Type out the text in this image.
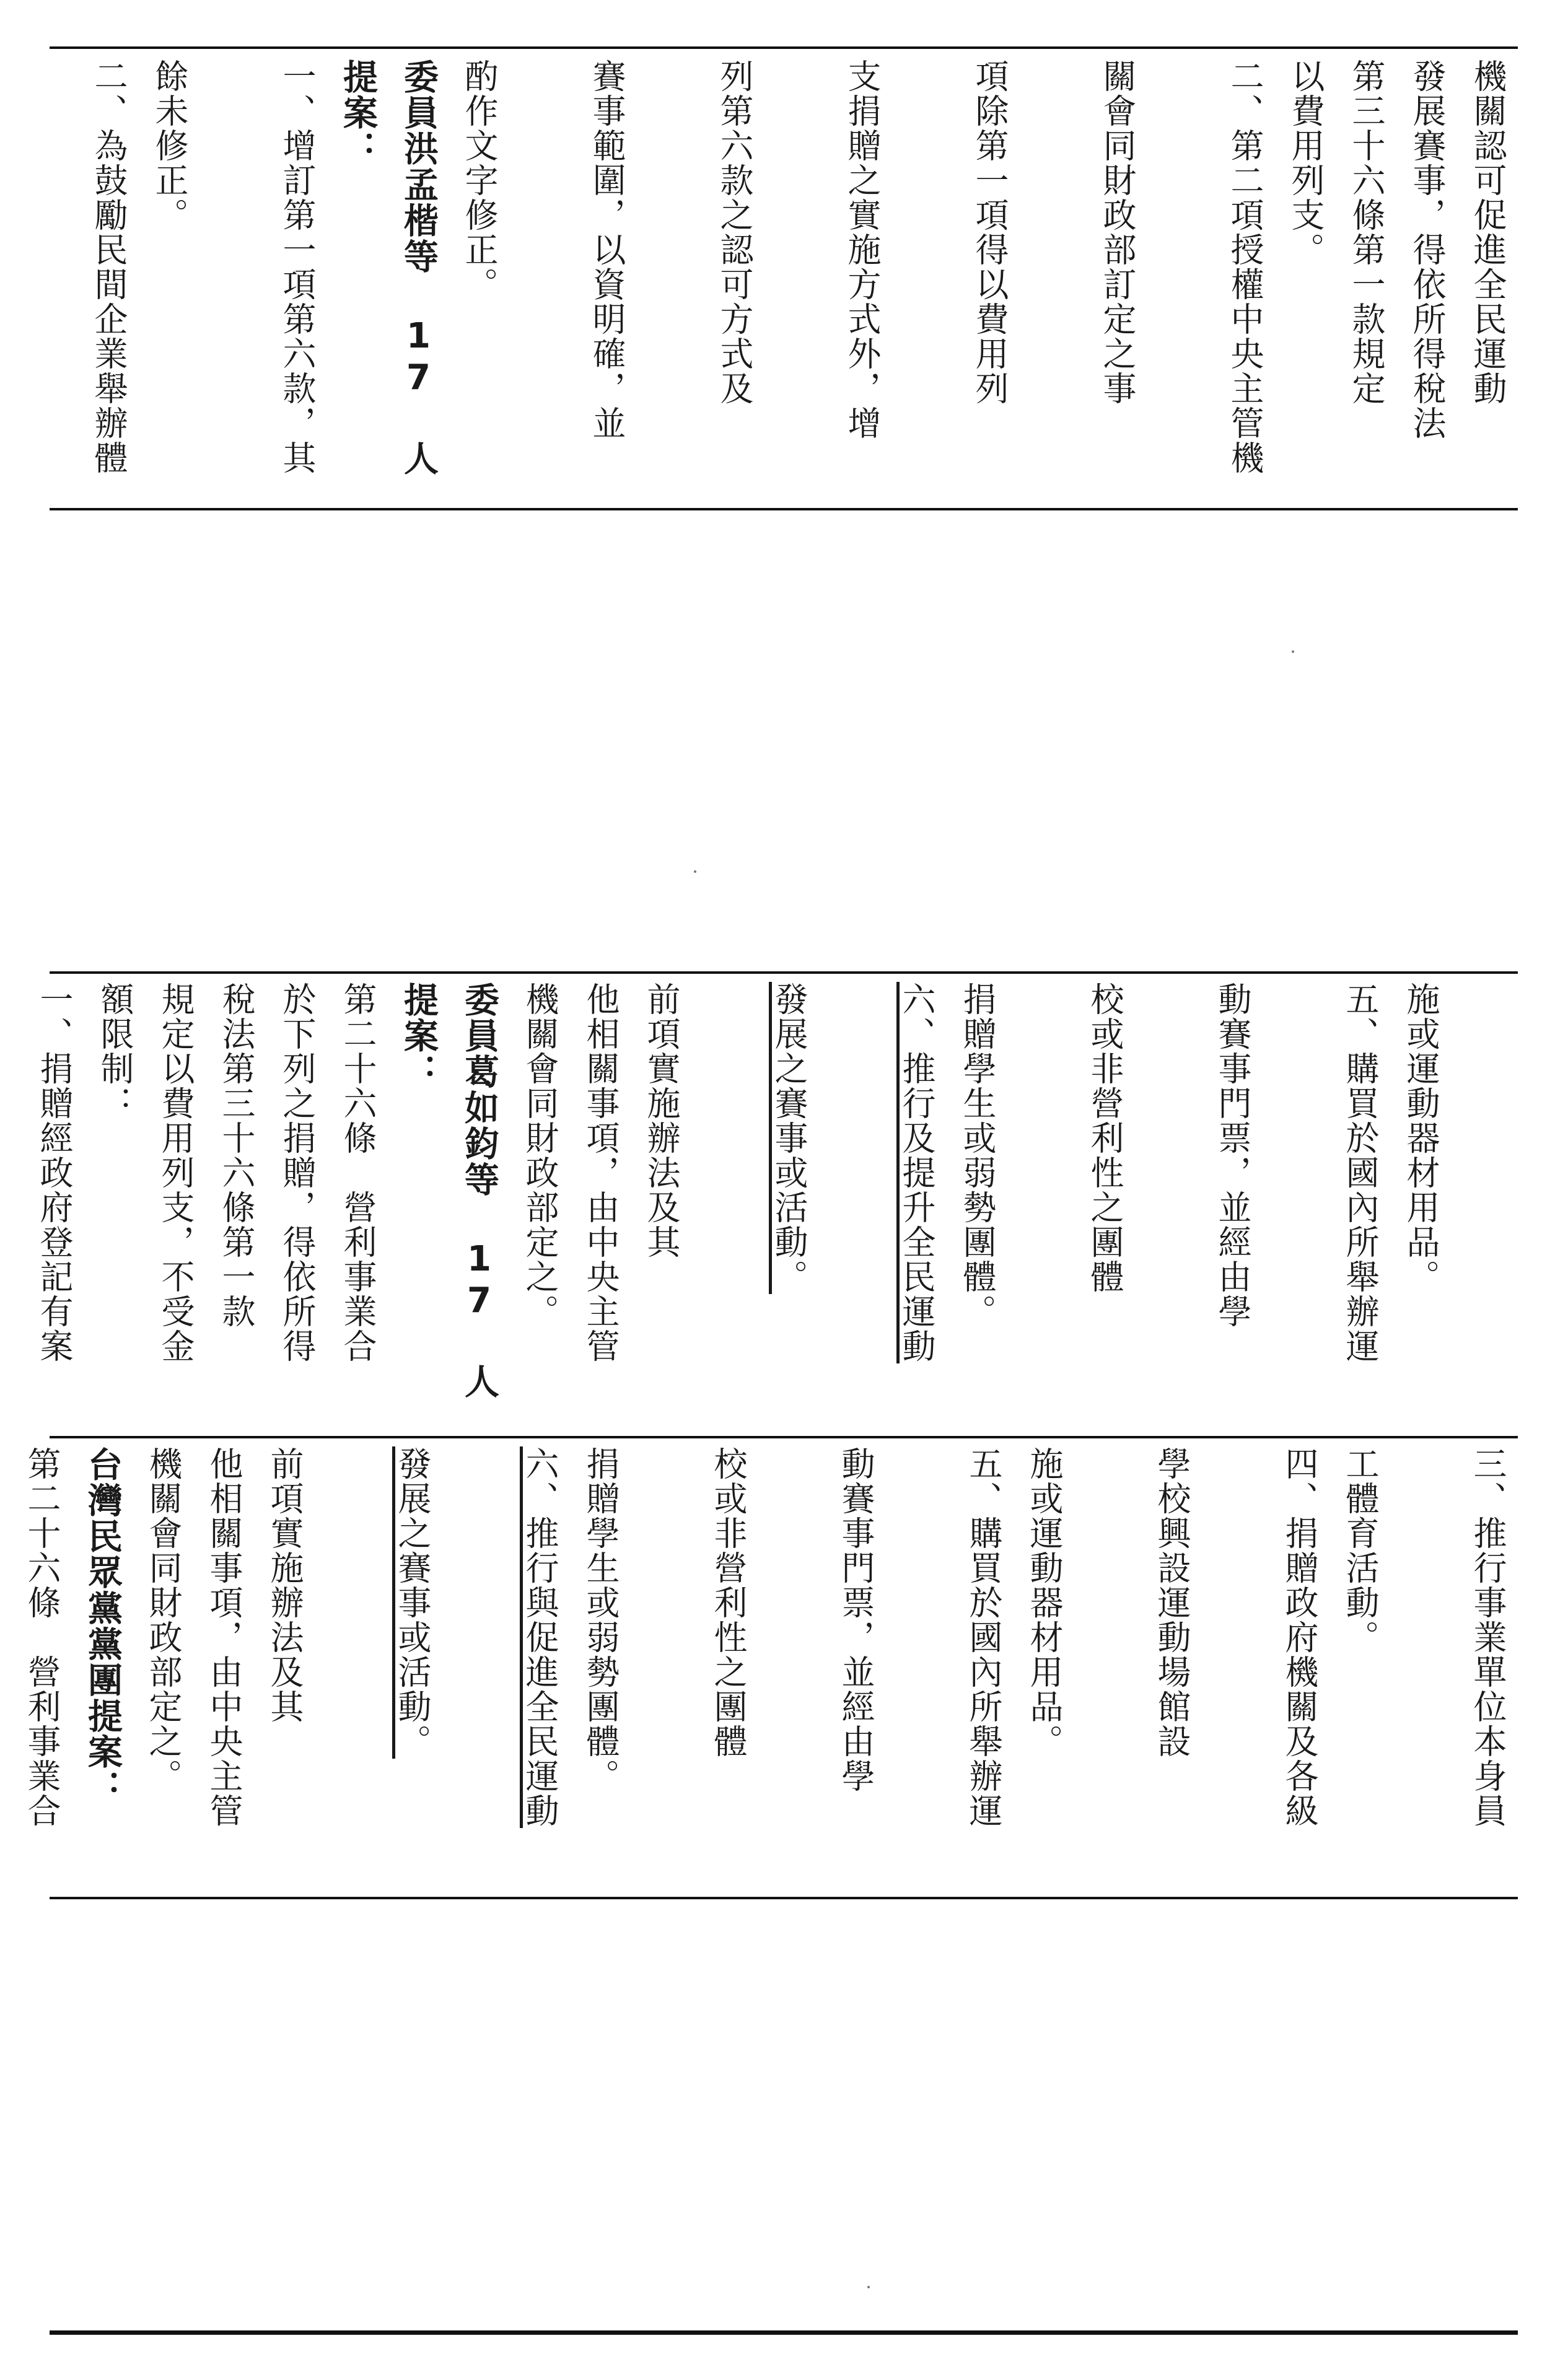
機關認可促進全民運動
發展賽事，得依所得稅法
第三十六條第一款規定
以費用列支。
二、第二項授權中央主管機
關會同財政部訂定之事
項除第一項得以費用列
支捐贈之實施方式外，增
列第六款之認可方式及
賽事範圍，以資明確，並
酌作文字修正。
委員洪孟楷等 17 人提案：
一、增訂第一項第六款，其
餘未修正。
二、為鼓勵民間企業舉辦體
施或運動器材用品。
五、購買於國內所舉辦運
動賽事門票，並經由學
校或非營利性之團體
捐贈學生或弱勢團體。
六、推行及提升全民運動
發展之賽事或活動。
前項實施辦法及其
他相關事項，由中央主管
機關會同財政部定之。
委員葛如鈞等 17 人提案：
第二十六條　營利事業合
於下列之捐贈，得依所得
稅法第三十六條第一款
規定以費用列支，不受金
額限制：
一、捐贈經政府登記有案
三、推行事業單位本身員
工體育活動。
四、捐贈政府機關及各級
學校興設運動場館設
施或運動器材用品。
五、購買於國內所舉辦運
動賽事門票，並經由學
校或非營利性之團體
捐贈學生或弱勢團體。
六、推行與促進全民運動
發展之賽事或活動。
前項實施辦法及其
他相關事項，由中央主管
機關會同財政部定之。
台灣民眾黨黨團提案：
第二十六條　營利事業合
